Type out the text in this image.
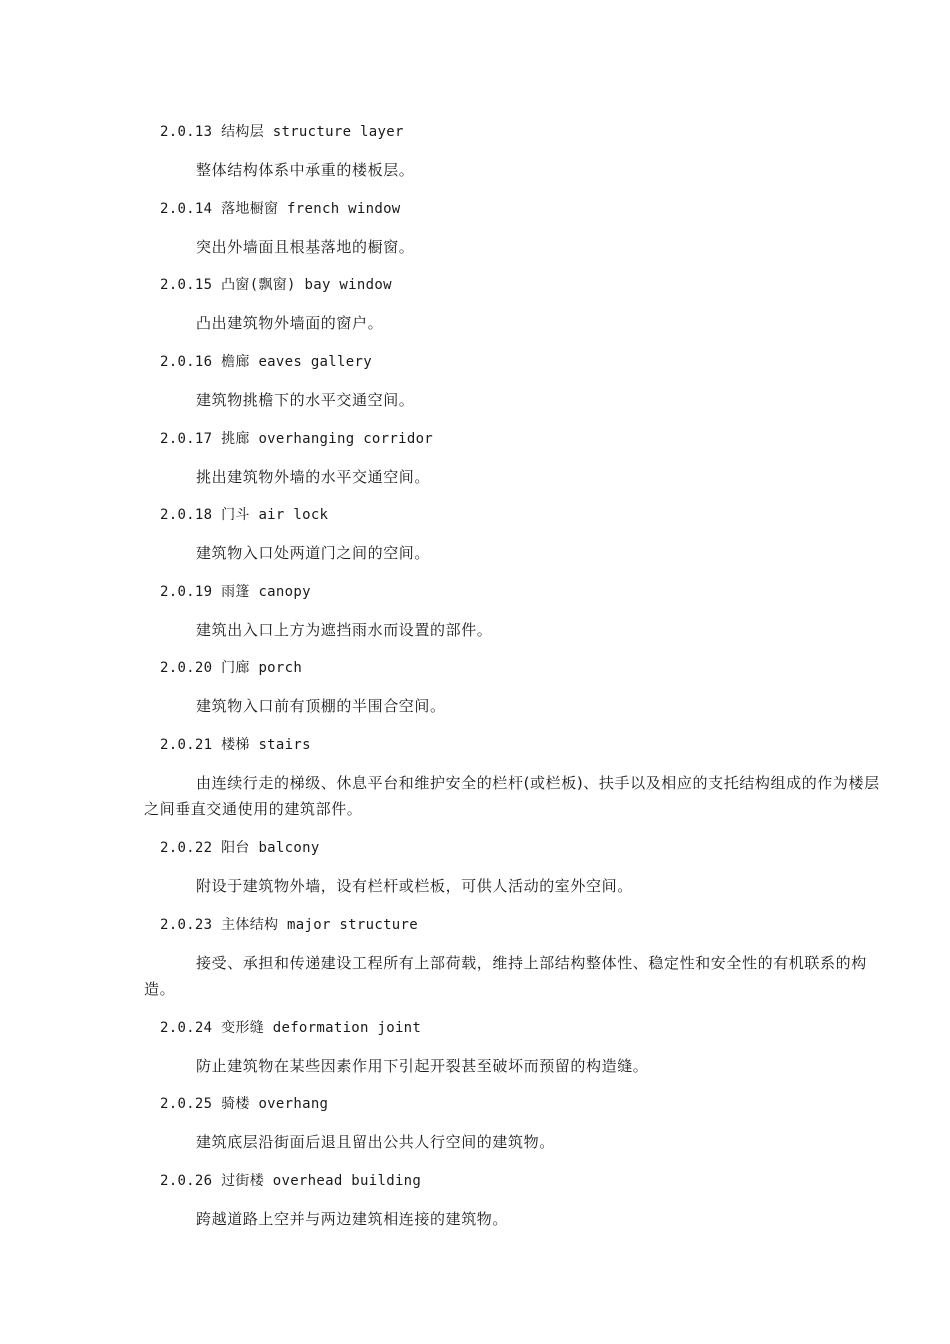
2.0.13 结构层 structure layer
整体结构体系中承重的楼板层。
2.0.14 落地橱窗 french window
突出外墙面且根基落地的橱窗。
2.0.15 凸窗(飘窗) bay window
凸出建筑物外墙面的窗户。
2.0.16 檐廊 eaves gallery
建筑物挑檐下的水平交通空间。
2.0.17 挑廊 overhanging corridor
挑出建筑物外墙的水平交通空间。
2.0.18 门斗 air lock
建筑物入口处两道门之间的空间。
2.0.19 雨篷 canopy
建筑出入口上方为遮挡雨水而设置的部件。
2.0.20 门廊 porch
建筑物入口前有顶棚的半围合空间。
2.0.21 楼梯 stairs
由连续行走的梯级、休息平台和维护安全的栏杆(或栏板)、扶手以及相应的支托结构组成的作为楼层之间垂直交通使用的建筑部件。
2.0.22 阳台 balcony
附设于建筑物外墙，设有栏杆或栏板，可供人活动的室外空间。
2.0.23 主体结构 major structure
接受、承担和传递建设工程所有上部荷载，维持上部结构整体性、稳定性和安全性的有机联系的构造。
2.0.24 变形缝 deformation joint
防止建筑物在某些因素作用下引起开裂甚至破坏而预留的构造缝。
2.0.25 骑楼 overhang
建筑底层沿街面后退且留出公共人行空间的建筑物。
2.0.26 过街楼 overhead building
跨越道路上空并与两边建筑相连接的建筑物。
